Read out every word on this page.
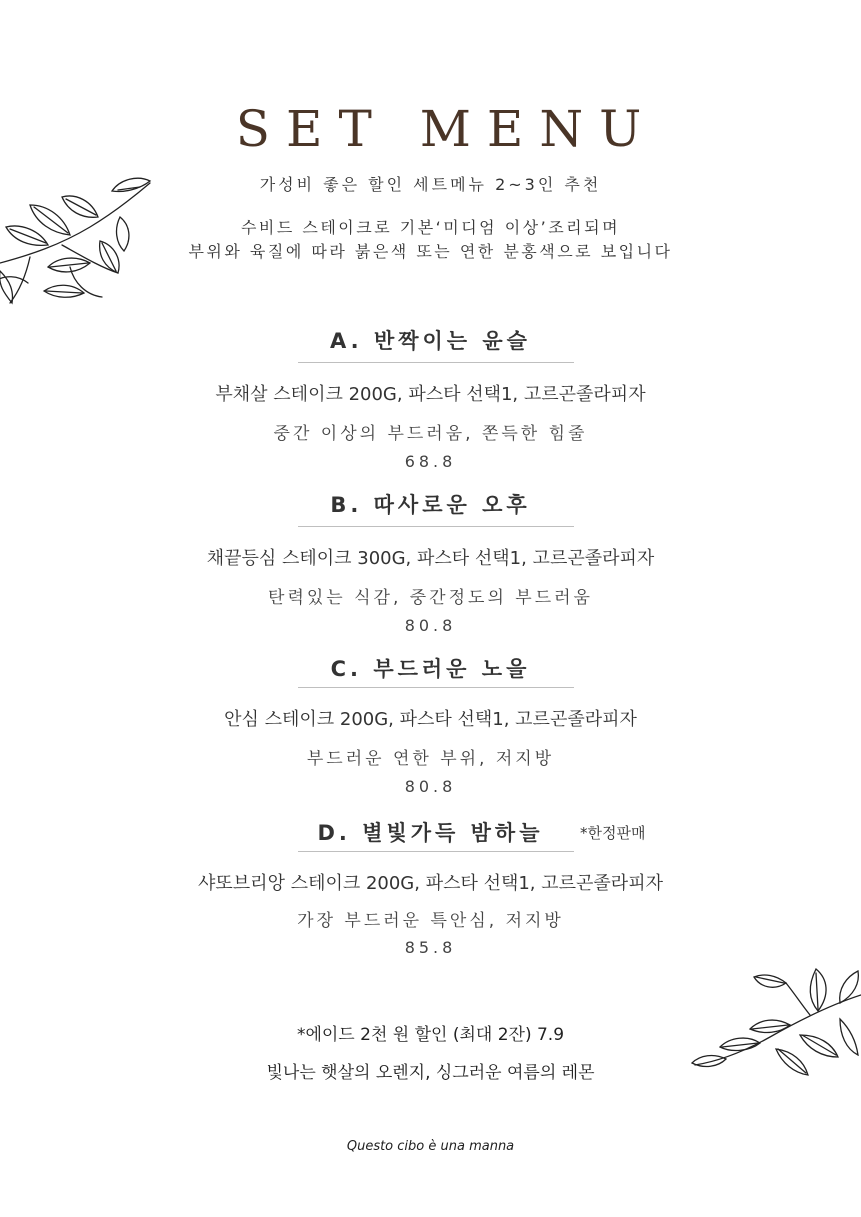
SET MENU
가성비 좋은 할인 세트메뉴 2~3인 추천
수비드 스테이크로 기본‘미디엄 이상’조리되며
부위와 육질에 따라 붉은색 또는 연한 분홍색으로 보입니다
A. 반짝이는 윤슬
부채살 스테이크 200G, 파스타 선택1, 고르곤졸라피자
중간 이상의 부드러움, 쫀득한 힘줄
68.8
B. 따사로운 오후
채끝등심 스테이크 300G, 파스타 선택1, 고르곤졸라피자
탄력있는 식감, 중간정도의 부드러움
80.8
C. 부드러운 노을
안심 스테이크 200G, 파스타 선택1, 고르곤졸라피자
부드러운 연한 부위, 저지방
80.8
D. 별빛가득 밤하늘	*한정판매
샤또브리앙 스테이크 200G, 파스타 선택1, 고르곤졸라피자
가장 부드러운 특안심, 저지방
85.8
*에이드 2천 원 할인 (최대 2잔) 7.9
빛나는 햇살의 오렌지, 싱그러운 여름의 레몬
Questo cibo è una manna
